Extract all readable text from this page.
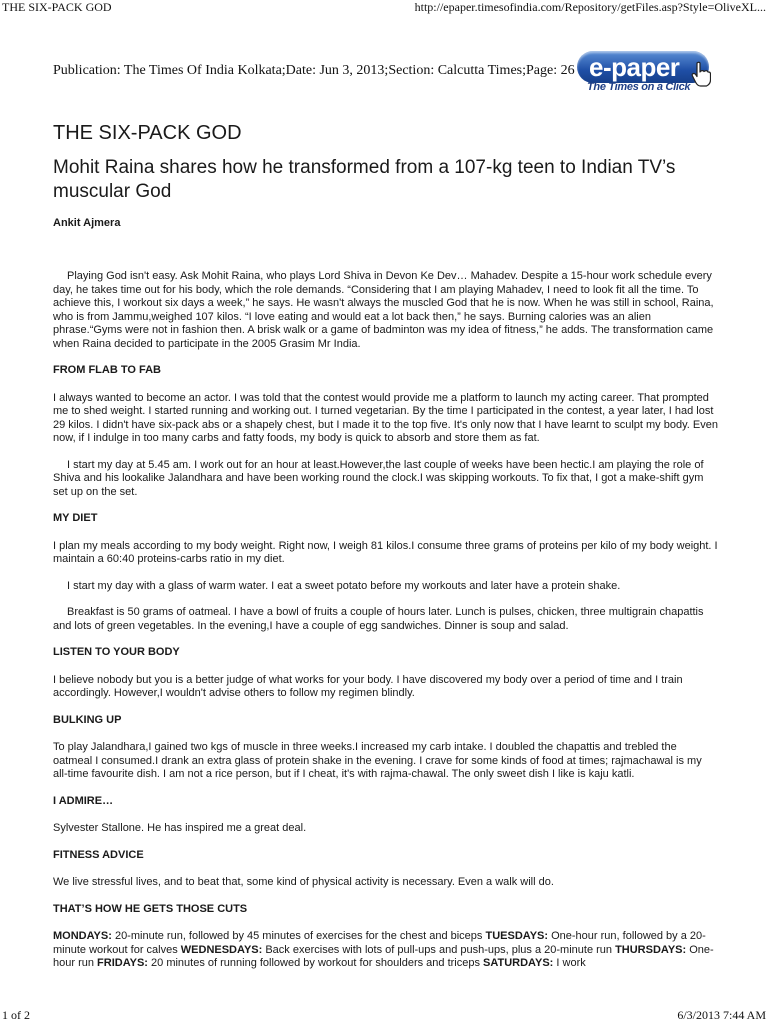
THE SIX-PACK GOD	http://epaper.timesofindia.com/Repository/getFiles.asp?Style=OliveXL...
Publication: The Times Of India Kolkata;Date: Jun 3, 2013;Section: Calcutta Times;Page: 26 e-paper
The Times on a Click
THE SIX-PACK GOD
Mohit Raina shares how he transformed from a 107-kg teen to Indian TV’s muscular God
Ankit Ajmera

Playing God isn't easy. Ask Mohit Raina, who plays Lord Shiva in Devon Ke Dev… Mahadev. Despite a 15-hour work schedule every day, he takes time out for his body, which the role demands. “Considering that I am playing Mahadev, I need to look fit all the time. To achieve this, I workout six days a week,” he says. He wasn't always the muscled God that he is now. When he was still in school, Raina, who is from Jammu,weighed 107 kilos. “I love eating and would eat a lot back then,” he says. Burning calories was an alien phrase.“Gyms were not in fashion then. A brisk walk or a game of badminton was my idea of fitness,” he adds. The transformation came when Raina decided to participate in the 2005 Grasim Mr India.

FROM FLAB TO FAB

I always wanted to become an actor. I was told that the contest would provide me a platform to launch my acting career. That prompted me to shed weight. I started running and working out. I turned vegetarian. By the time I participated in the contest, a year later, I had lost 29 kilos. I didn't have six-pack abs or a shapely chest, but I made it to the top five. It's only now that I have learnt to sculpt my body. Even now, if I indulge in too many carbs and fatty foods, my body is quick to absorb and store them as fat.

I start my day at 5.45 am. I work out for an hour at least.However,the last couple of weeks have been hectic.I am playing the role of Shiva and his lookalike Jalandhara and have been working round the clock.I was skipping workouts. To fix that, I got a make-shift gym set up on the set.

MY DIET

I plan my meals according to my body weight. Right now, I weigh 81 kilos.I consume three grams of proteins per kilo of my body weight. I maintain a 60:40 proteins-carbs ratio in my diet.

I start my day with a glass of warm water. I eat a sweet potato before my workouts and later have a protein shake.

Breakfast is 50 grams of oatmeal. I have a bowl of fruits a couple of hours later. Lunch is pulses, chicken, three multigrain chapattis and lots of green vegetables. In the evening,I have a couple of egg sandwiches. Dinner is soup and salad.

LISTEN TO YOUR BODY

I believe nobody but you is a better judge of what works for your body. I have discovered my body over a period of time and I train accordingly. However,I wouldn't advise others to follow my regimen blindly.

BULKING UP

To play Jalandhara,I gained two kgs of muscle in three weeks.I increased my carb intake. I doubled the chapattis and trebled the oatmeal I consumed.I drank an extra glass of protein shake in the evening. I crave for some kinds of food at times; rajmachawal is my all-time favourite dish. I am not a rice person, but if I cheat, it's with rajma-chawal. The only sweet dish I like is kaju katli.

I ADMIRE…

Sylvester Stallone. He has inspired me a great deal.

FITNESS ADVICE

We live stressful lives, and to beat that, some kind of physical activity is necessary. Even a walk will do.

THAT’S HOW HE GETS THOSE CUTS

MONDAYS: 20-minute run, followed by 45 minutes of exercises for the chest and biceps TUESDAYS: One-hour run, followed by a 20-minute workout for calves WEDNESDAYS: Back exercises with lots of pull-ups and push-ups, plus a 20-minute run THURSDAYS: One-hour run FRIDAYS: 20 minutes of running followed by workout for shoulders and triceps SATURDAYS: I work

1 of 2	6/3/2013 7:44 AM
